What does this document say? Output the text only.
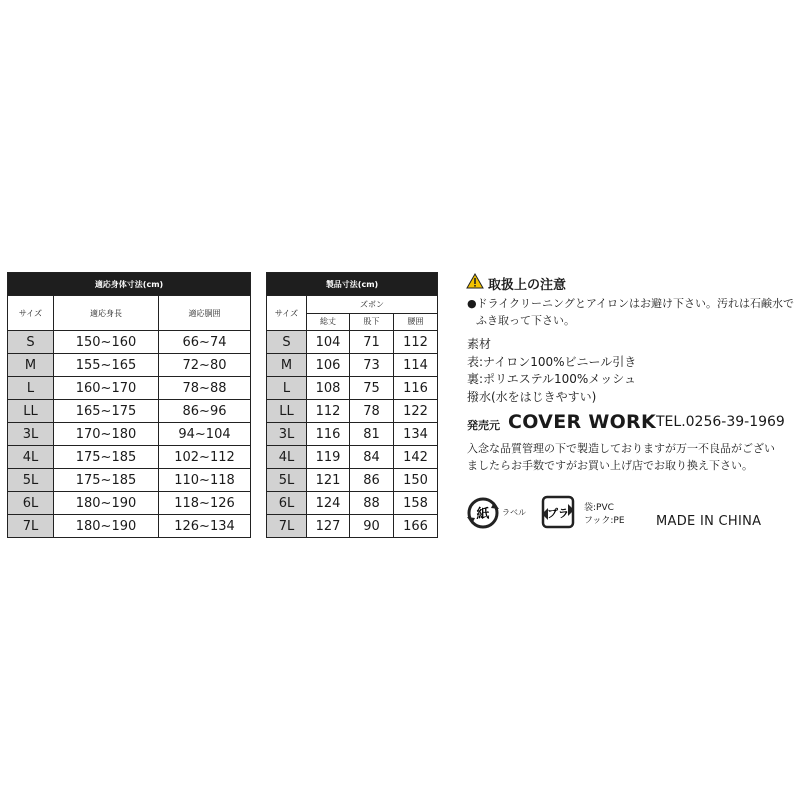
適応身体寸法(cm)		
サイズ	適応身長	適応胴囲
S	150~160	66~74
M	155~165	72~80
L	160~170	78~88
LL	165~175	86~96
3L	170~180	94~104
4L	175~185	102~112
5L	175~185	110~118
6L	180~190	118~126
7L	180~190	126~134
製品寸法(cm)			
サイズ	ズボン		
	総丈	股下	腰囲
S	104	71	112
M	106	73	114
L	108	75	116
LL	112	78	122
3L	116	81	134
4L	119	84	142
5L	121	86	150
6L	124	88	158
7L	127	90	166
取扱上の注意
●ドライクリーニングとアイロンはお避け下さい。汚れは石鹸水で
ふき取って下さい。
素材
表:ナイロン100%ビニール引き
裏:ポリエステル100%メッシュ
撥水(水をはじきやすい)
発売元 COVER WORK TEL.0256-39-1969
入念な品質管理の下で製造しておりますが万一不良品がござい
ましたらお手数ですがお買い上げ店でお取り換え下さい。
紙 ラベル プラ 袋:PVC
フック:PE MADE IN CHINA
